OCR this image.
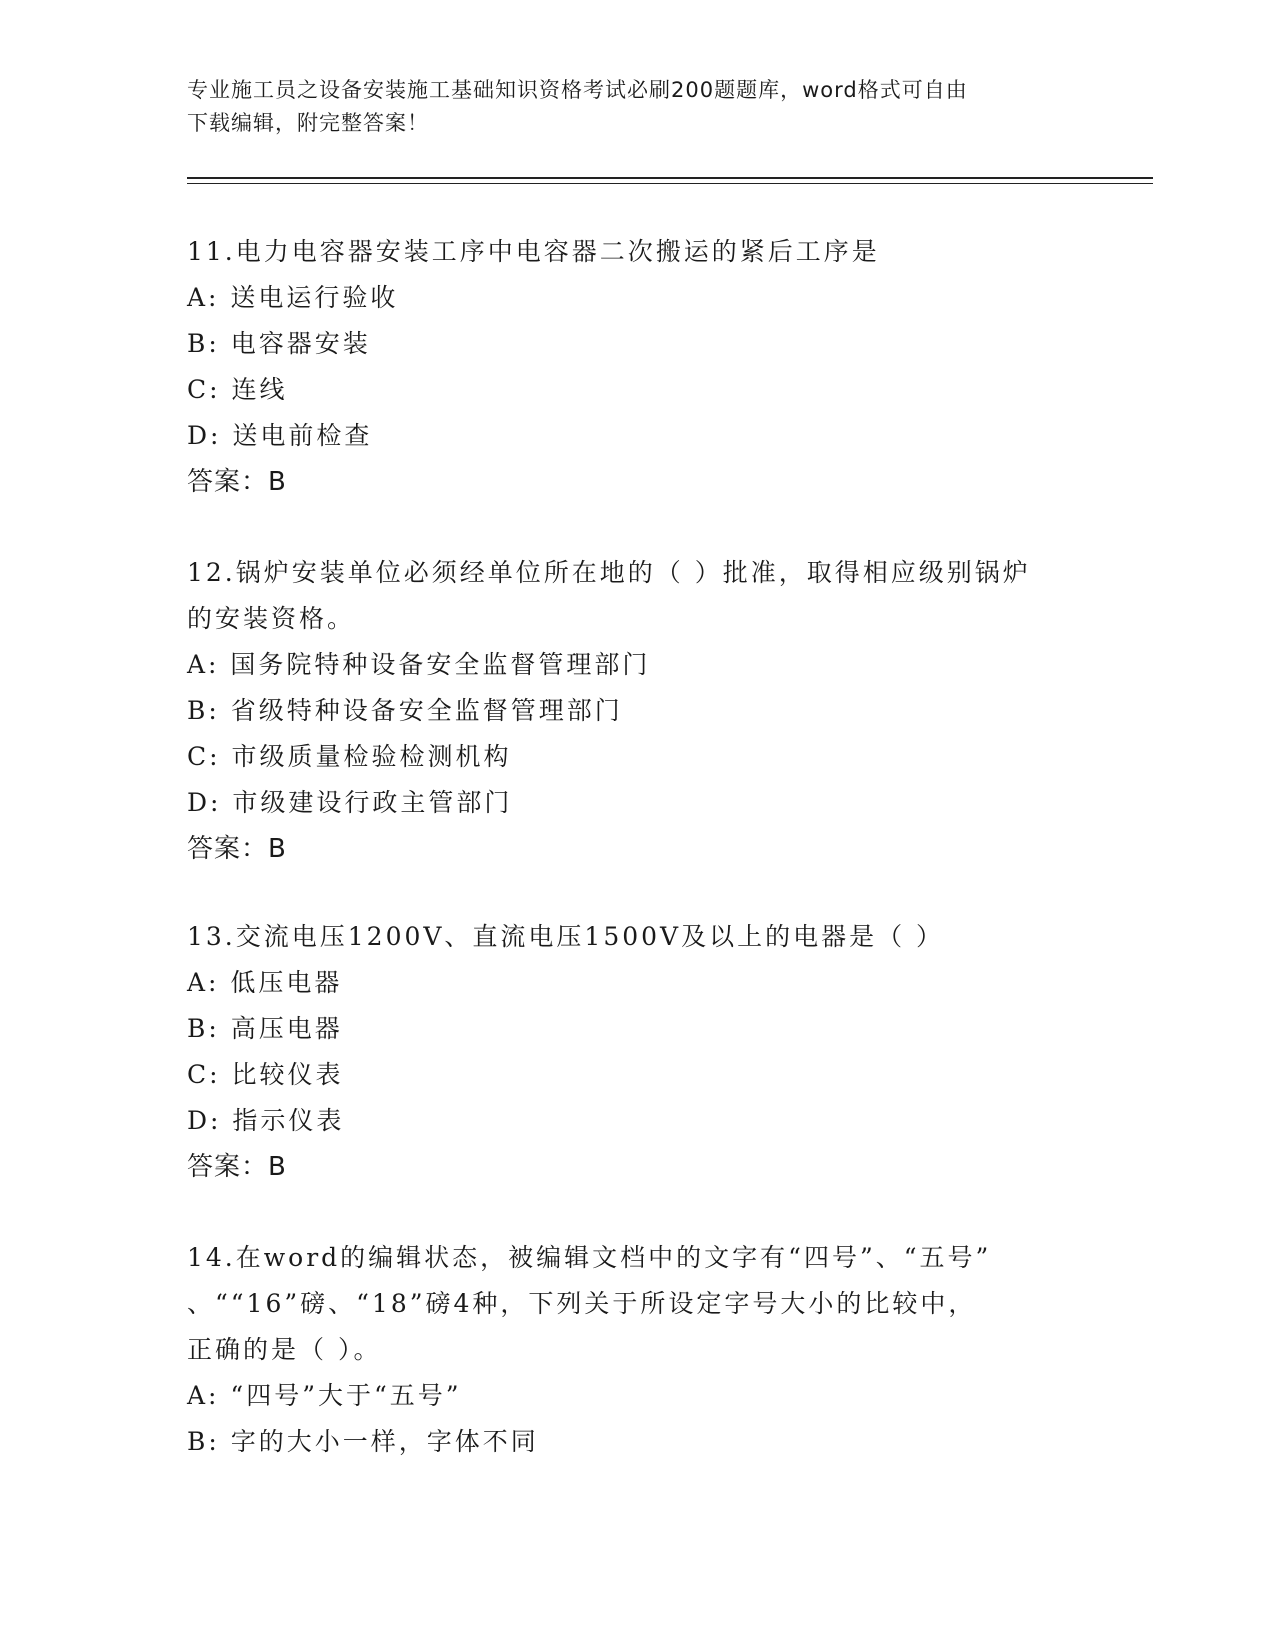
专业施工员之设备安装施工基础知识资格考试必刷200题题库，word格式可自由
下载编辑，附完整答案！
11.电力电容器安装工序中电容器二次搬运的紧后工序是
A: 送电运行验收
B: 电容器安装
C: 连线
D: 送电前检查
答案：B
12.锅炉安装单位必须经单位所在地的（ ）批准，取得相应级别锅炉
的安装资格。
A: 国务院特种设备安全监督管理部门
B: 省级特种设备安全监督管理部门
C: 市级质量检验检测机构
D: 市级建设行政主管部门
答案：B
13.交流电压1200V、直流电压1500V及以上的电器是（ ）
A: 低压电器
B: 高压电器
C: 比较仪表
D: 指示仪表
答案：B
14.在word的编辑状态，被编辑文档中的文字有“四号”、“五号”
、““16”磅、“18”磅4种，下列关于所设定字号大小的比较中，
正确的是（ ）。
A: “四号”大于“五号”
B: 字的大小一样，字体不同
